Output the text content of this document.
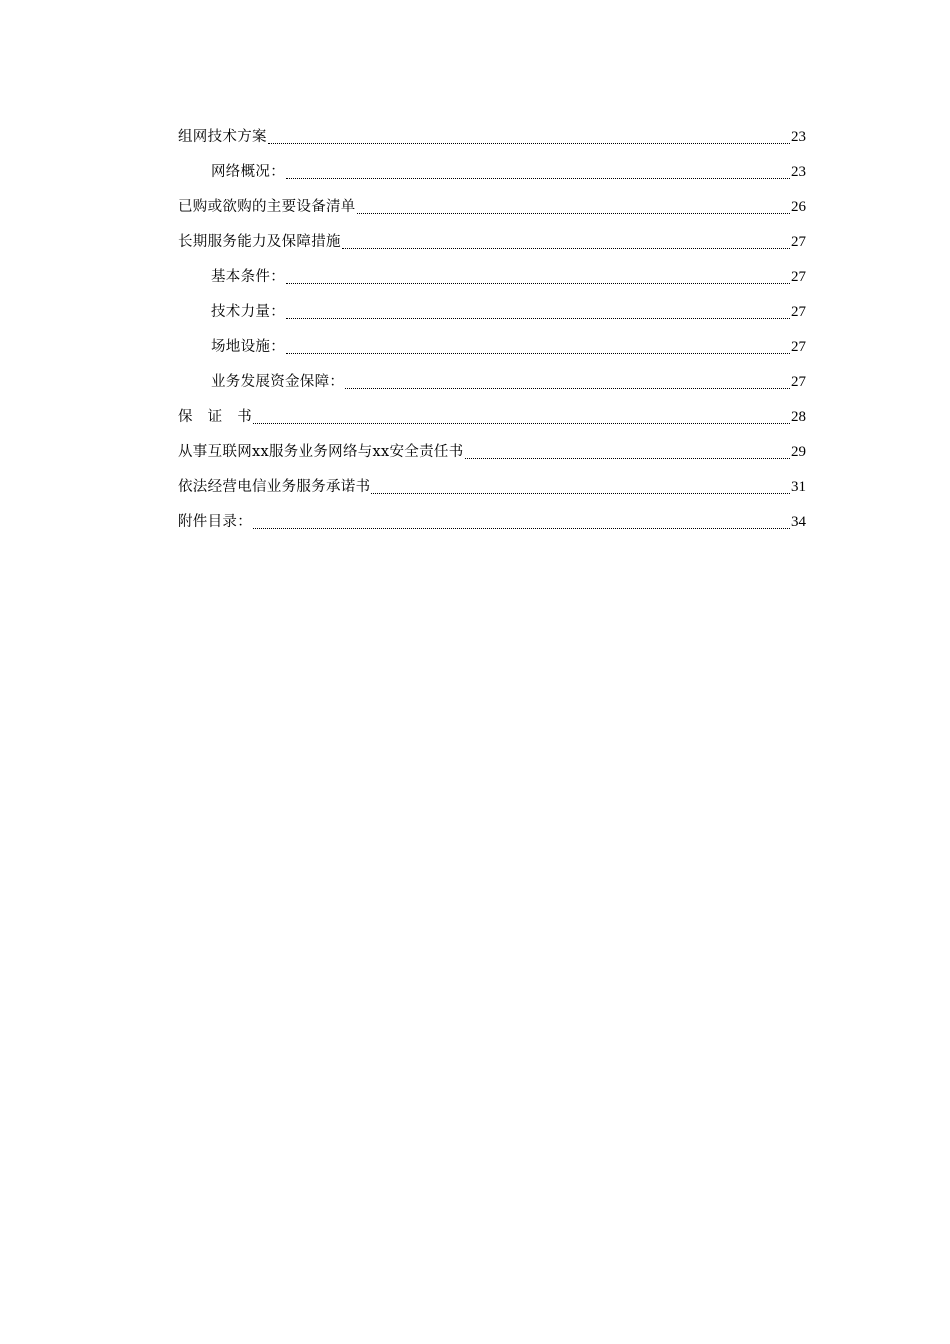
组网技术方案	23
网络概况：	23
已购或欲购的主要设备清单	26
长期服务能力及保障措施	27
基本条件：	27
技术力量：	27
场地设施：	27
业务发展资金保障：	27
保　证　书	28
从事互联网xx服务业务网络与xx安全责任书	29
依法经营电信业务服务承诺书	31
附件目录：	34
